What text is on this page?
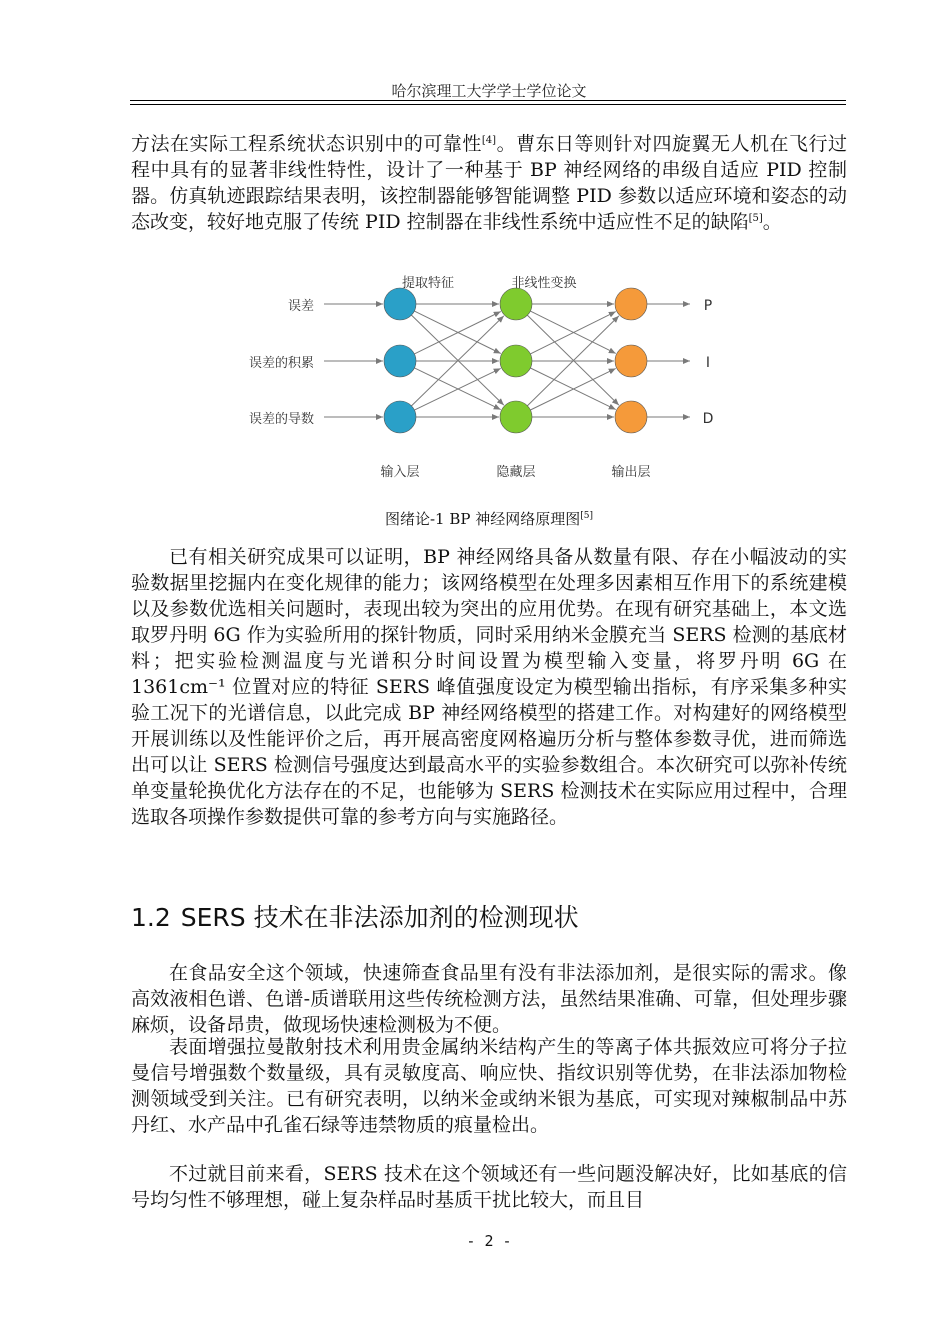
哈尔滨理工大学学士学位论文

方法在实际工程系统状态识别中的可靠性[4]。曹东日等则针对四旋翼无人机在飞行过程中具有的显著非线性特性，设计了一种基于 BP 神经网络的串级自适应 PID 控制器。仿真轨迹跟踪结果表明，该控制器能够智能调整 PID 参数以适应环境和姿态的动态改变，较好地克服了传统 PID 控制器在非线性系统中适应性不足的缺陷[5]。

提取特征	非线性变换
误差
误差的积累
误差的导数
P
I
D
输入层	隐藏层	输出层
图绪论-1 BP 神经网络原理图[5]

已有相关研究成果可以证明，BP 神经网络具备从数量有限、存在小幅波动的实验数据里挖掘内在变化规律的能力；该网络模型在处理多因素相互作用下的系统建模以及参数优选相关问题时，表现出较为突出的应用优势。在现有研究基础上，本文选取罗丹明 6G 作为实验所用的探针物质，同时采用纳米金膜充当 SERS 检测的基底材料；把实验检测温度与光谱积分时间设置为模型输入变量，将罗丹明 6G 在 1361cm⁻¹ 位置对应的特征 SERS 峰值强度设定为模型输出指标，有序采集多种实验工况下的光谱信息，以此完成 BP 神经网络模型的搭建工作。对构建好的网络模型开展训练以及性能评价之后，再开展高密度网格遍历分析与整体参数寻优，进而筛选出可以让 SERS 检测信号强度达到最高水平的实验参数组合。本次研究可以弥补传统单变量轮换优化方法存在的不足，也能够为 SERS 检测技术在实际应用过程中，合理选取各项操作参数提供可靠的参考方向与实施路径。

1.2 SERS 技术在非法添加剂的检测现状

在食品安全这个领域，快速筛查食品里有没有非法添加剂，是很实际的需求。像高效液相色谱、色谱-质谱联用这些传统检测方法，虽然结果准确、可靠，但处理步骤麻烦，设备昂贵，做现场快速检测极为不便。

表面增强拉曼散射技术利用贵金属纳米结构产生的等离子体共振效应可将分子拉曼信号增强数个数量级，具有灵敏度高、响应快、指纹识别等优势，在非法添加物检测领域受到关注。已有研究表明，以纳米金或纳米银为基底，可实现对辣椒制品中苏丹红、水产品中孔雀石绿等违禁物质的痕量检出。

不过就目前来看，SERS 技术在这个领域还有一些问题没解决好，比如基底的信号均匀性不够理想，碰上复杂样品时基质干扰比较大，而且目

- 2 -
